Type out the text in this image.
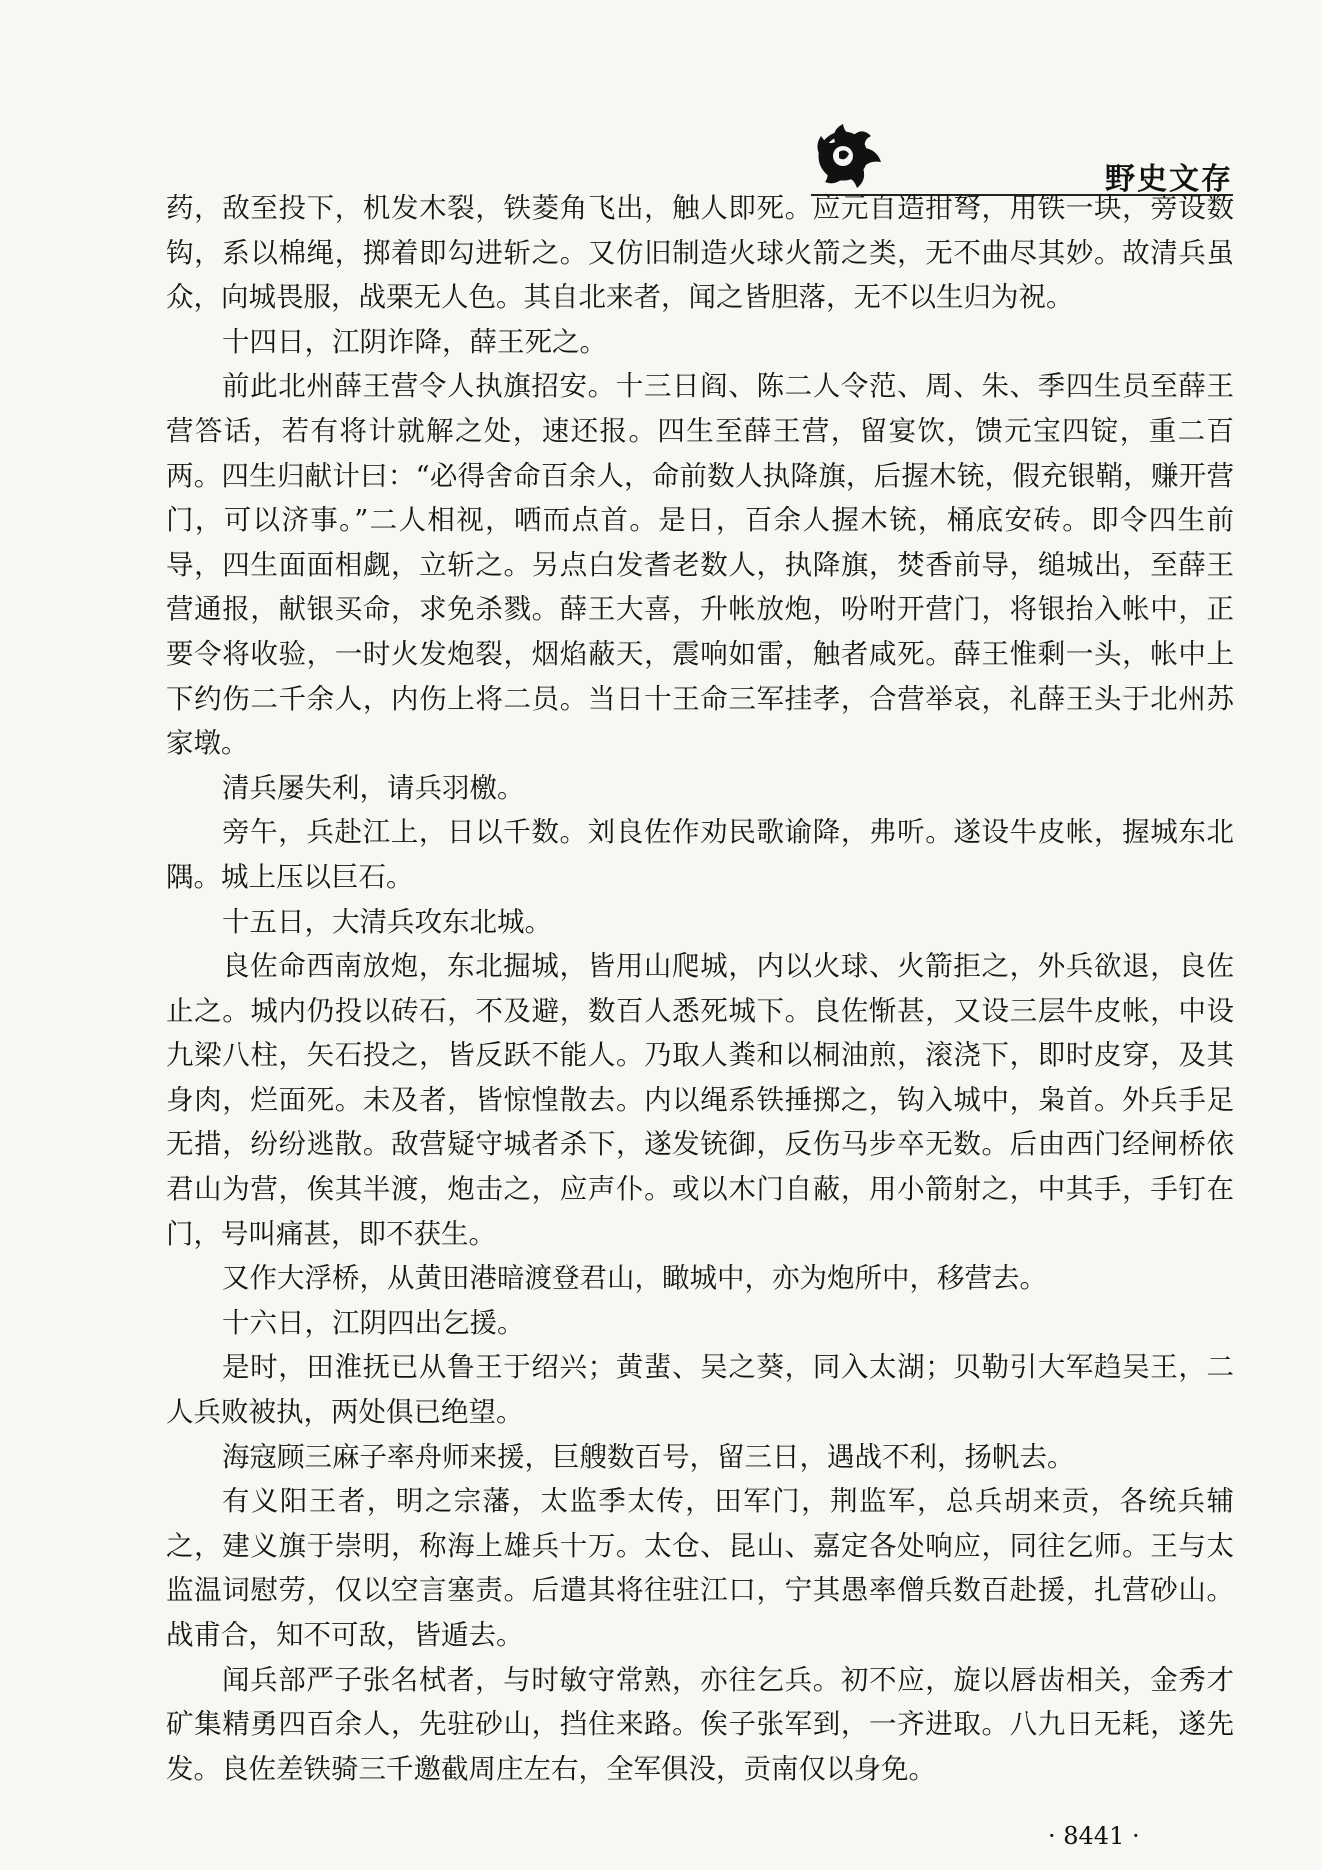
野史文存

药，敌至投下，机发木裂，铁菱角飞出，触人即死。应元自造拑弩，用铁一块，旁设数钩，系以棉绳，掷着即勾进斩之。又仿旧制造火球火箭之类，无不曲尽其妙。故清兵虽众，向城畏服，战栗无人色。其自北来者，闻之皆胆落，无不以生归为祝。

十四日，江阴诈降，薛王死之。

前此北州薛王营令人执旗招安。十三日阎、陈二人令范、周、朱、季四生员至薛王营答话，若有将计就解之处，速还报。四生至薛王营，留宴饮，馈元宝四锭，重二百两。四生归献计曰：“必得舍命百余人，命前数人执降旗，后握木铳，假充银鞘，赚开营门，可以济事。”二人相视，哂而点首。是日，百余人握木铳，桶底安砖。即令四生前导，四生面面相觑，立斩之。另点白发耆老数人，执降旗，焚香前导，缒城出，至薛王营通报，献银买命，求免杀戮。薛王大喜，升帐放炮，吩咐开营门，将银抬入帐中，正要令将收验，一时火发炮裂，烟焰蔽天，震响如雷，触者咸死。薛王惟剩一头，帐中上下约伤二千余人，内伤上将二员。当日十王命三军挂孝，合营举哀，礼薛王头于北州苏家墩。

清兵屡失利，请兵羽檄。

旁午，兵赴江上，日以千数。刘良佐作劝民歌谕降，弗听。遂设牛皮帐，握城东北隅。城上压以巨石。

十五日，大清兵攻东北城。

良佐命西南放炮，东北掘城，皆用山爬城，内以火球、火箭拒之，外兵欲退，良佐止之。城内仍投以砖石，不及避，数百人悉死城下。良佐惭甚，又设三层牛皮帐，中设九梁八柱，矢石投之，皆反跃不能人。乃取人粪和以桐油煎，滚浇下，即时皮穿，及其身肉，烂面死。未及者，皆惊惶散去。内以绳系铁捶掷之，钩入城中，枭首。外兵手足无措，纷纷逃散。敌营疑守城者杀下，遂发铳御，反伤马步卒无数。后由西门经闸桥依君山为营，俟其半渡，炮击之，应声仆。或以木门自蔽，用小箭射之，中其手，手钉在门，号叫痛甚，即不获生。

又作大浮桥，从黄田港暗渡登君山，瞰城中，亦为炮所中，移营去。

十六日，江阴四出乞援。

是时，田淮抚已从鲁王于绍兴；黄蜚、吴之葵，同入太湖；贝勒引大军趋吴王，二人兵败被执，两处俱已绝望。

海寇顾三麻子率舟师来援，巨艘数百号，留三日，遇战不利，扬帆去。

有义阳王者，明之宗藩，太监季太传，田军门，荆监军，总兵胡来贡，各统兵辅之，建义旗于崇明，称海上雄兵十万。太仓、昆山、嘉定各处响应，同往乞师。王与太监温词慰劳，仅以空言塞责。后遣其将往驻江口，宁其愚率僧兵数百赴援，扎营砂山。战甫合，知不可敌，皆遁去。

闻兵部严子张名栻者，与时敏守常熟，亦往乞兵。初不应，旋以唇齿相关，金秀才矿集精勇四百余人，先驻砂山，挡住来路。俟子张军到，一齐进取。八九日无耗，遂先发。良佐差铁骑三千邀截周庄左右，全军俱没，贡南仅以身免。

· 8441 ·
